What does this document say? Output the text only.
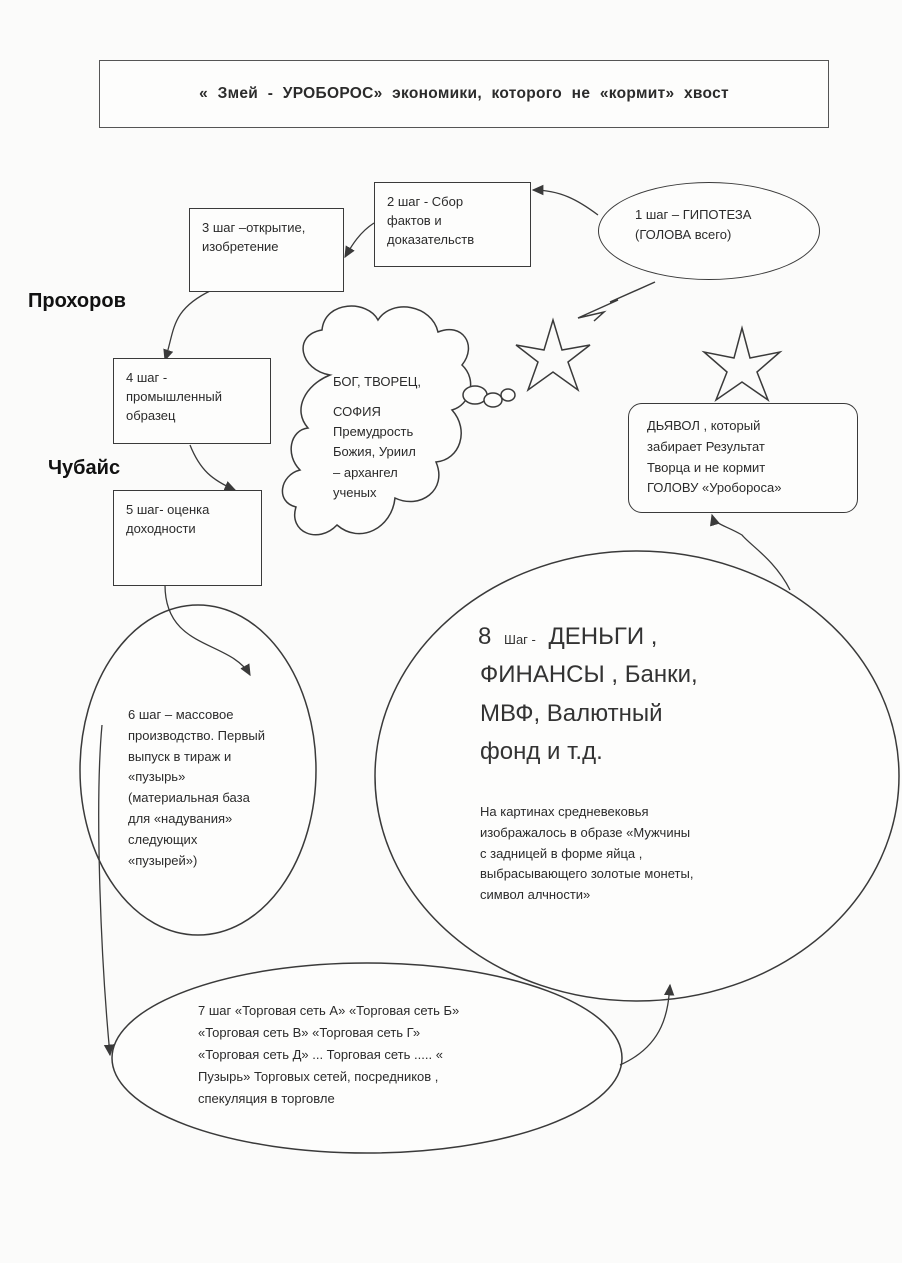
« Змей - УРОБОРОС» экономики, которого не «кормит» хвост
Прохоров
Чубайс
1 шаг – ГИПОТЕЗА
(ГОЛОВА всего)
2 шаг - Сбор
фактов и
доказательств
3 шаг –открытие,
изобретение
4 шаг -
промышленный
образец
5 шаг- оценка
доходности
БОГ, ТВОРЕЦ,
СОФИЯ
Премудрость
Божия, Уриил
– архангел
ученых
ДЬЯВОЛ , который
забирает Результат
Творца и не кормит
ГОЛОВУ «Уробороса»
6 шаг – массовое
производство. Первый
выпуск в тираж и
«пузырь»
(материальная база
для «надувания»
следующих
«пузырей»)
8 Шаг - ДЕНЬГИ ,
ФИНАНСЫ , Банки,
МВФ, Валютный
фонд и т.д.
На картинах средневековья
изображалось в образе «Мужчины
с задницей в форме яйца ,
выбрасывающего золотые монеты,
символ алчности»
7 шаг «Торговая сеть А» «Торговая сеть Б»
«Торговая сеть В» «Торговая сеть Г»
«Торговая сеть Д» ... Торговая сеть ..... «
Пузырь» Торговых сетей, посредников ,
спекуляция в торговле
